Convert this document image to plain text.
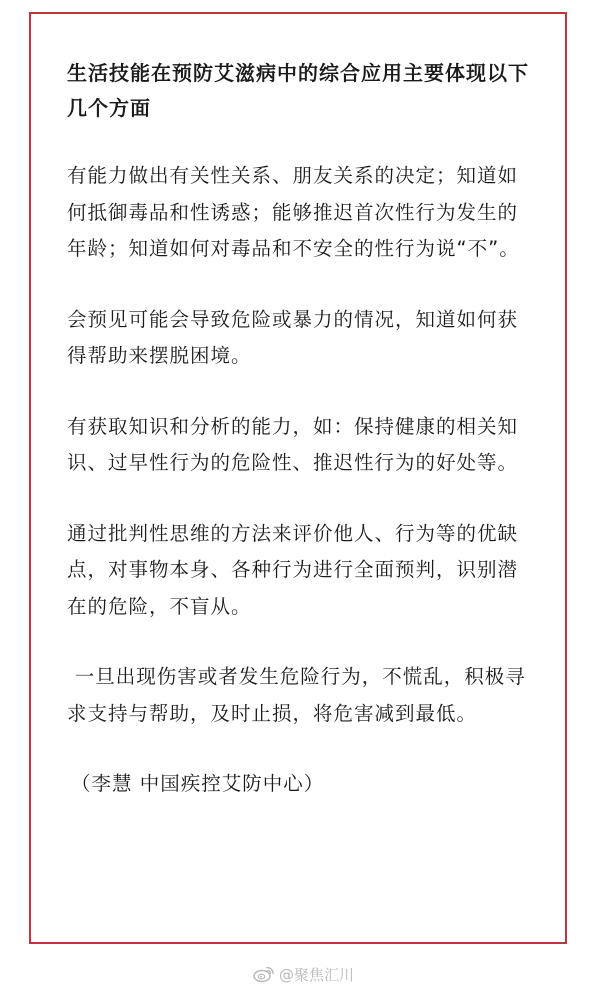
生活技能在预防艾滋病中的综合应用主要体现以下几个方面

有能力做出有关性关系、朋友关系的决定；知道如何抵御毒品和性诱惑；能够推迟首次性行为发生的年龄；知道如何对毒品和不安全的性行为说“不”。

会预见可能会导致危险或暴力的情况，知道如何获得帮助来摆脱困境。

有获取知识和分析的能力，如：保持健康的相关知识、过早性行为的危险性、推迟性行为的好处等。

通过批判性思维的方法来评价他人、行为等的优缺点，对事物本身、各种行为进行全面预判，识别潜在的危险，不盲从。

一旦出现伤害或者发生危险行为，不慌乱，积极寻求支持与帮助，及时止损，将危害减到最低。

（李慧 中国疾控艾防中心）

@聚焦汇川
